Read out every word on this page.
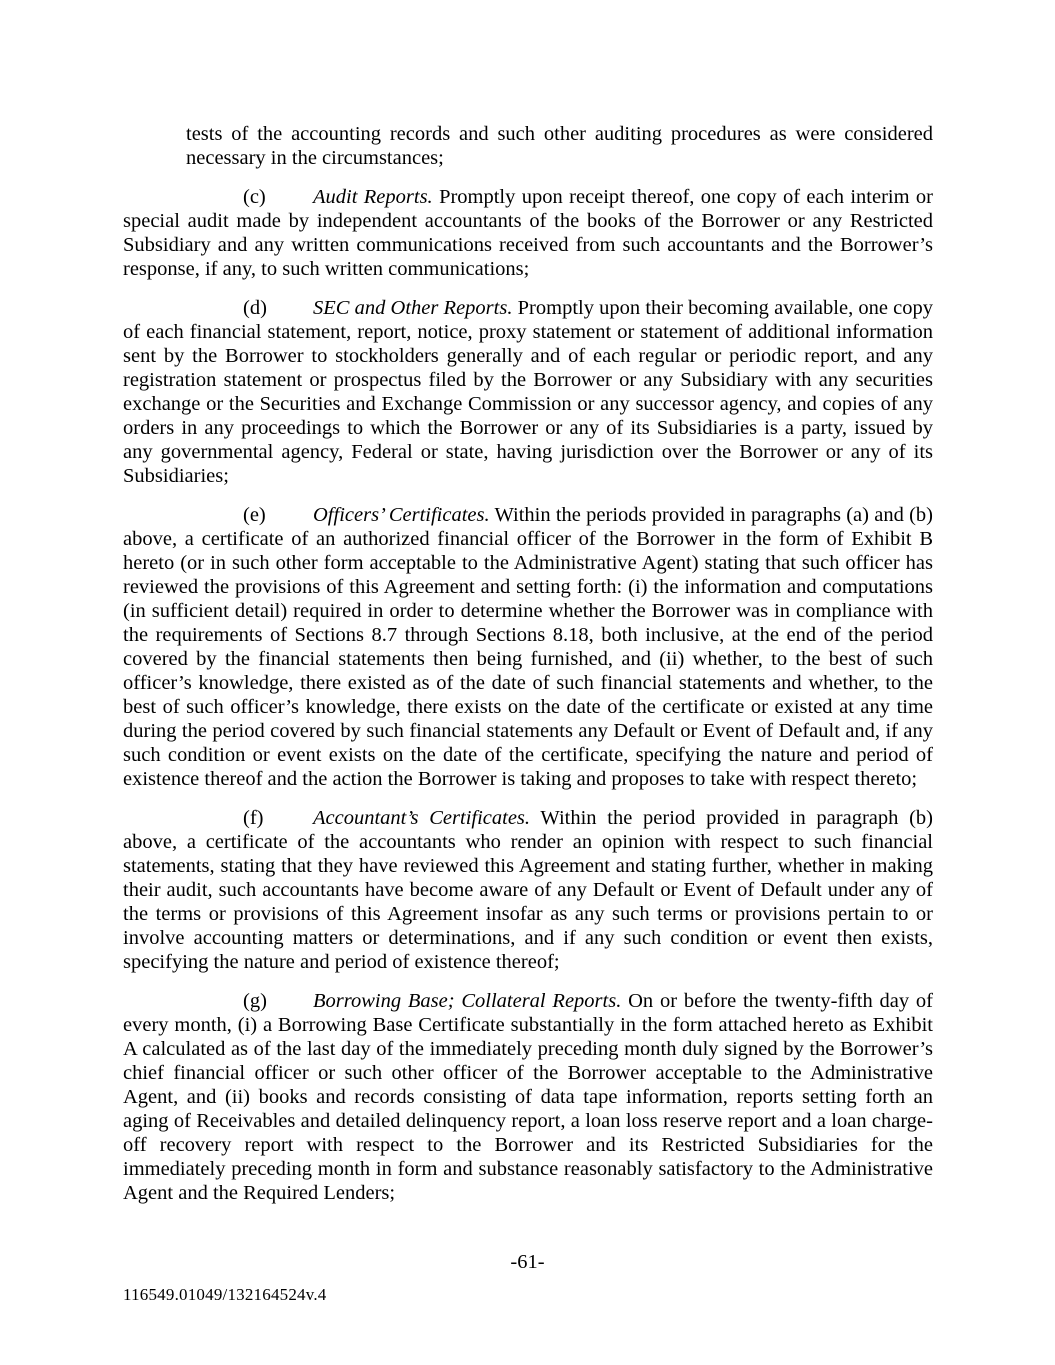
tests of the accounting records and such other auditing procedures as were considered necessary in the circumstances;

(c) Audit Reports. Promptly upon receipt thereof, one copy of each interim or special audit made by independent accountants of the books of the Borrower or any Restricted Subsidiary and any written communications received from such accountants and the Borrower’s response, if any, to such written communications;

(d) SEC and Other Reports. Promptly upon their becoming available, one copy of each financial statement, report, notice, proxy statement or statement of additional information sent by the Borrower to stockholders generally and of each regular or periodic report, and any registration statement or prospectus filed by the Borrower or any Subsidiary with any securities exchange or the Securities and Exchange Commission or any successor agency, and copies of any orders in any proceedings to which the Borrower or any of its Subsidiaries is a party, issued by any governmental agency, Federal or state, having jurisdiction over the Borrower or any of its Subsidiaries;

(e) Officers’ Certificates. Within the periods provided in paragraphs (a) and (b) above, a certificate of an authorized financial officer of the Borrower in the form of Exhibit B hereto (or in such other form acceptable to the Administrative Agent) stating that such officer has reviewed the provisions of this Agreement and setting forth: (i) the information and computations (in sufficient detail) required in order to determine whether the Borrower was in compliance with the requirements of Sections 8.7 through Sections 8.18, both inclusive, at the end of the period covered by the financial statements then being furnished, and (ii) whether, to the best of such officer’s knowledge, there existed as of the date of such financial statements and whether, to the best of such officer’s knowledge, there exists on the date of the certificate or existed at any time during the period covered by such financial statements any Default or Event of Default and, if any such condition or event exists on the date of the certificate, specifying the nature and period of existence thereof and the action the Borrower is taking and proposes to take with respect thereto;

(f) Accountant’s Certificates. Within the period provided in paragraph (b) above, a certificate of the accountants who render an opinion with respect to such financial statements, stating that they have reviewed this Agreement and stating further, whether in making their audit, such accountants have become aware of any Default or Event of Default under any of the terms or provisions of this Agreement insofar as any such terms or provisions pertain to or involve accounting matters or determinations, and if any such condition or event then exists, specifying the nature and period of existence thereof;

(g) Borrowing Base; Collateral Reports. On or before the twenty-fifth day of every month, (i) a Borrowing Base Certificate substantially in the form attached hereto as Exhibit A calculated as of the last day of the immediately preceding month duly signed by the Borrower’s chief financial officer or such other officer of the Borrower acceptable to the Administrative Agent, and (ii) books and records consisting of data tape information, reports setting forth an aging of Receivables and detailed delinquency report, a loan loss reserve report and a loan charge-off recovery report with respect to the Borrower and its Restricted Subsidiaries for the immediately preceding month in form and substance reasonably satisfactory to the Administrative Agent and the Required Lenders;

-61-
116549.01049/132164524v.4
